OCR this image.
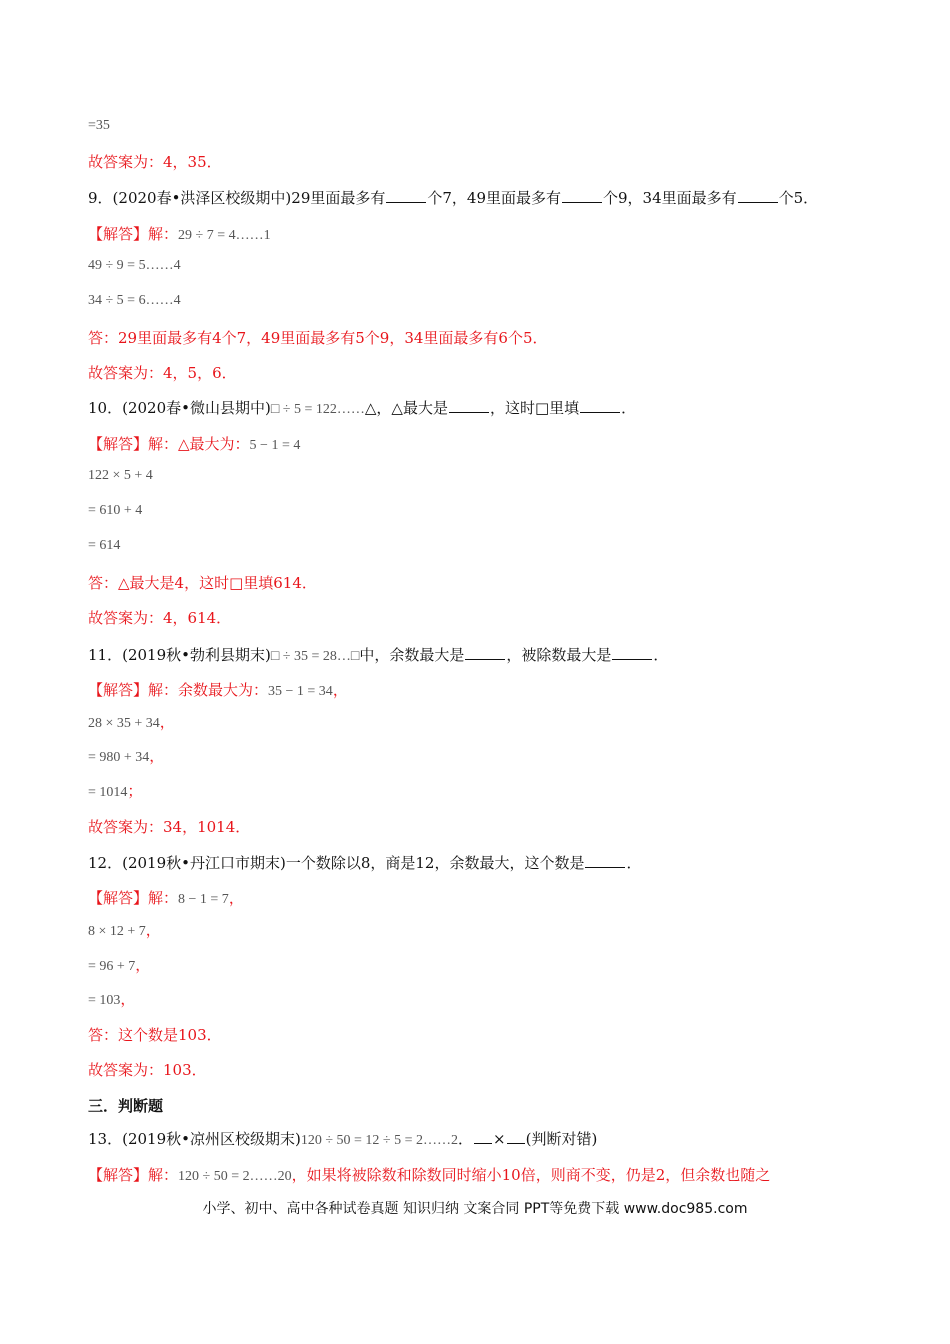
=35
故答案为：4，35．
9．(2020春•洪泽区校级期中)29里面最多有	个7，49里面最多有	个9，34里面最多有	个5．
【解答】解：29 ÷ 7 = 4……1
49 ÷ 9 = 5……4
34 ÷ 5 = 6……4
答：29里面最多有4个7，49里面最多有5个9，34里面最多有6个5．
故答案为：4，5，6．
10．(2020春•微山县期中)□ ÷ 5 = 122……△，△最大是	，这时□里填	．
【解答】解：△最大为：5 − 1 = 4
122 × 5 + 4
= 610 + 4
= 614
答：△最大是4，这时□里填614．
故答案为：4，614．
11．(2019秋•勃利县期末)□ ÷ 35 = 28…□中，余数最大是	，被除数最大是	．
【解答】解：余数最大为：35 − 1 = 34，
28 × 35 + 34，
= 980 + 34，
= 1014；
故答案为：34，1014．
12．(2019秋•丹江口市期末)一个数除以8，商是12，余数最大，这个数是	．
【解答】解：8 − 1 = 7，
8 × 12 + 7，
= 96 + 7，
= 103，
答：这个数是103．
故答案为：103．
三．判断题
13．(2019秋•凉州区校级期末)120 ÷ 50 = 12 ÷ 5 = 2……2． × (判断对错)
【解答】解：120 ÷ 50 = 2……20，如果将被除数和除数同时缩小10倍，则商不变，仍是2，但余数也随之
小学、初中、高中各种试卷真题 知识归纳 文案合同 PPT等免费下载 www.doc985.com
